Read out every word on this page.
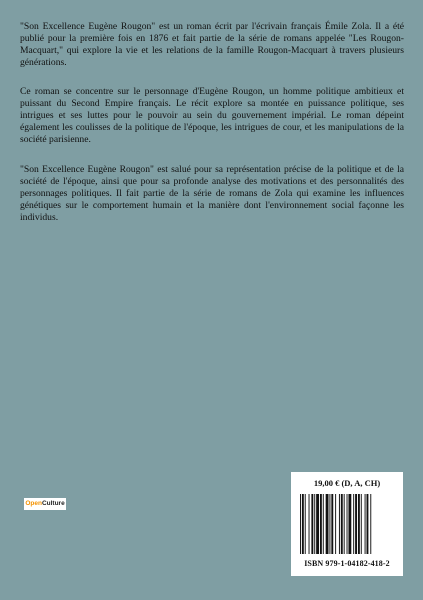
"Son Excellence Eugène Rougon" est un roman écrit par l'écrivain français Émile Zola. Il a été publié pour la première fois en 1876 et fait partie de la série de romans appelée "Les Rougon-Macquart," qui explore la vie et les relations de la famille Rougon-Macquart à travers plusieurs générations.

Ce roman se concentre sur le personnage d'Eugène Rougon, un homme politique ambitieux et puissant du Second Empire français. Le récit explore sa montée en puissance politique, ses intrigues et ses luttes pour le pouvoir au sein du gouvernement impérial. Le roman dépeint également les coulisses de la politique de l'époque, les intrigues de cour, et les manipulations de la société parisienne.

"Son Excellence Eugène Rougon" est salué pour sa représentation précise de la politique et de la société de l'époque, ainsi que pour sa profonde analyse des motivations et des personnalités des personnages politiques. Il fait partie de la série de romans de Zola qui examine les influences génétiques sur le comportement humain et la manière dont l'environnement social façonne les individus.

OpenCulture
19,00 € (D, A, CH)
ISBN 979-1-04182-418-2
